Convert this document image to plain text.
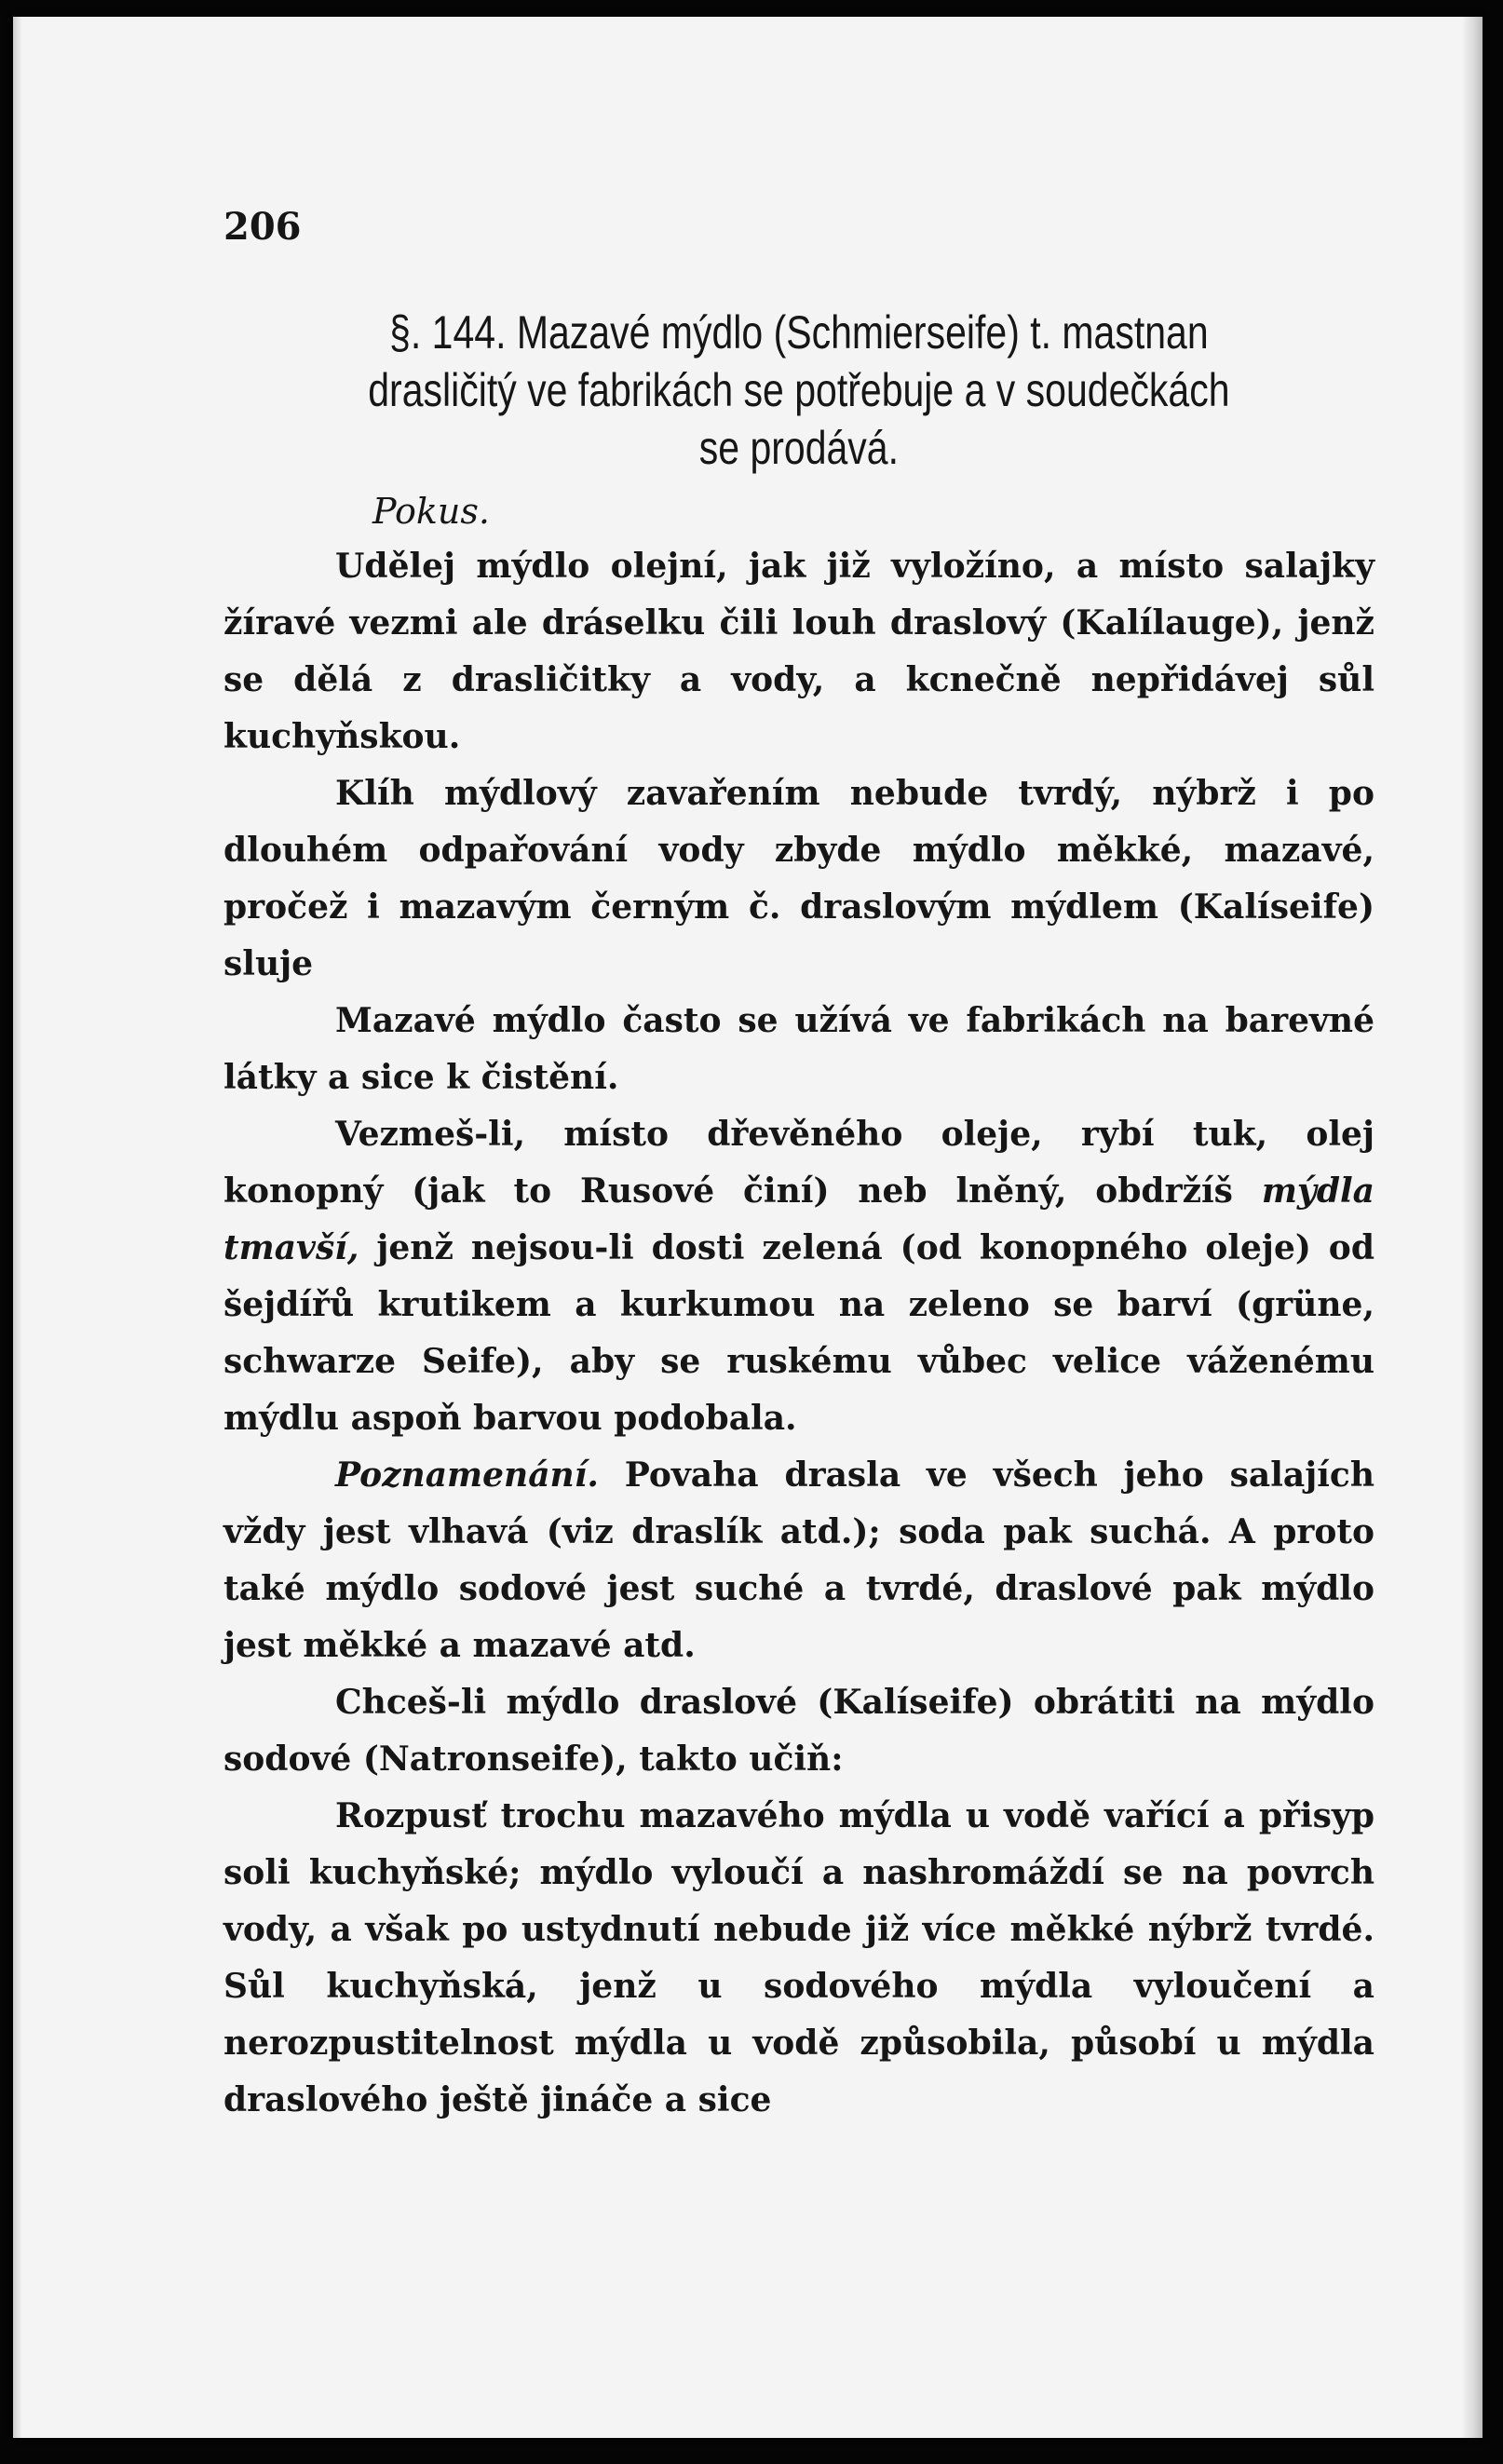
206
§. 144. Mazavé mýdlo (Schmierseife) t. mastnan
drasličitý ve fabrikách se potřebuje a v soudečkách
se prodává.
Pokus.

Udělej mýdlo olejní, jak již vyložíno, a místo salajky žíravé vezmi ale dráselku čili louh draslový (Kalílauge), jenž se dělá z drasličitky a vody, a kcnečně nepřidávej sůl kuchyňskou.

Klíh mýdlový zavařením nebude tvrdý, nýbrž i po dlouhém odpařování vody zbyde mýdlo měkké, mazavé, pročež i mazavým černým č. draslovým mýdlem (Kalíseife) sluje

Mazavé mýdlo často se užívá ve fabrikách na barevné látky a sice k čistění.

Vezmeš-li, místo dřevěného oleje, rybí tuk, olej konopný (jak to Rusové činí) neb lněný, obdržíš mýdla tmavší, jenž nejsou-li dosti zelená (od konopného oleje) od šejdířů krutikem a kurkumou na zeleno se barví (grüne, schwarze Seife), aby se ruskému vůbec velice váženému mýdlu aspoň barvou podobala.

Poznamenání. Povaha drasla ve všech jeho salajích vždy jest vlhavá (viz draslík atd.); soda pak suchá. A proto také mýdlo sodové jest suché a tvrdé, draslové pak mýdlo jest měkké a mazavé atd.

Chceš-li mýdlo draslové (Kalíseife) obrátiti na mýdlo sodové (Natronseife), takto učiň:

Rozpusť trochu mazavého mýdla u vodě vařící a přisyp soli kuchyňské; mýdlo vyloučí a nashromáždí se na povrch vody, a však po ustydnutí nebude již více měkké nýbrž tvrdé. Sůl kuchyňská, jenž u sodového mýdla vyloučení a nerozpustitelnost mýdla u vodě způsobila, působí u mýdla draslového ještě jináče a sice
